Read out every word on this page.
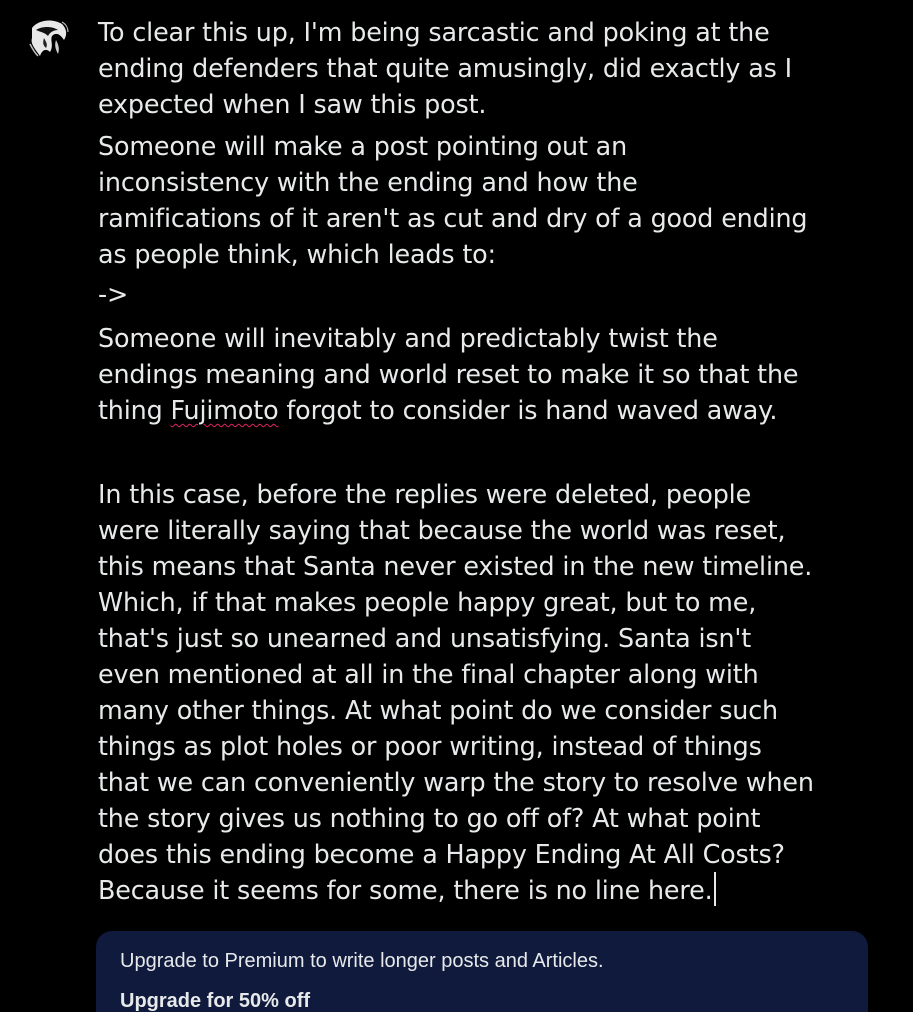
To clear this up, I'm being sarcastic and poking at the
ending defenders that quite amusingly, did exactly as I
expected when I saw this post.
Someone will make a post pointing out an
inconsistency with the ending and how the
ramifications of it aren't as cut and dry of a good ending
as people think, which leads to:
->
Someone will inevitably and predictably twist the
endings meaning and world reset to make it so that the
thing Fujimoto forgot to consider is hand waved away.
In this case, before the replies were deleted, people
were literally saying that because the world was reset,
this means that Santa never existed in the new timeline.
Which, if that makes people happy great, but to me,
that's just so unearned and unsatisfying. Santa isn't
even mentioned at all in the final chapter along with
many other things. At what point do we consider such
things as plot holes or poor writing, instead of things
that we can conveniently warp the story to resolve when
the story gives us nothing to go off of? At what point
does this ending become a Happy Ending At All Costs?
Because it seems for some, there is no line here.

Upgrade to Premium to write longer posts and Articles.

Upgrade for 50% off
